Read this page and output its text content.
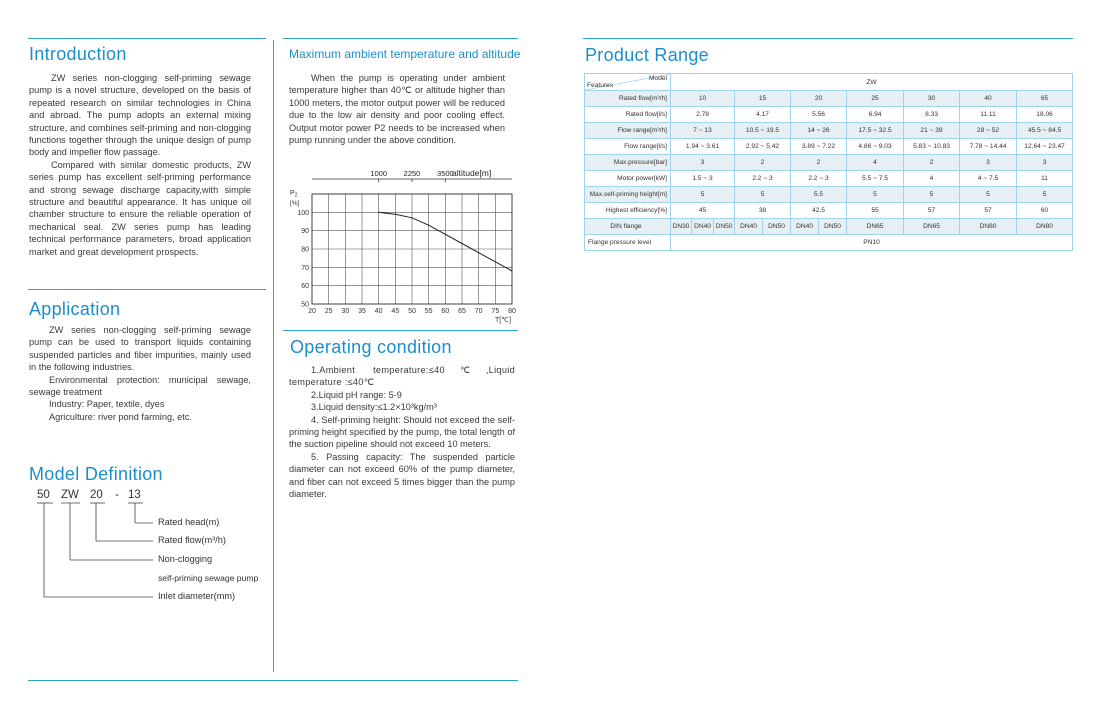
Introduction

ZW series non-clogging self-priming sewage pump is a novel structure, developed on the basis of repeated research on similar technologies in China and abroad. The pump adopts an external mixing structure, and combines self-priming and non-clogging functions together through the unique design of pump body and impeller flow passage.

Compared with similar domestic products, ZW series pump has excellent self-priming performance and strong sewage discharge capacity,with simple structure and beautiful appearance. It has unique oil chamber structure to ensure the reliable operation of mechanical seal. ZW series pump has leading technical performance parameters, broad application market and great development prospects.

Application

ZW series non-clogging self-priming sewage pump can be used to transport liquids containing suspended particles and fiber impurities, mainly used in the following industries.

Environmental protection: municipal sewage, sewage treatment

Industry: Paper, textile, dyes

Agriculture: river pond farming, etc.

Model Definition
50 ZW 20 - 13
Rated head(m)
Rated flow(m³/h)
Non-clogging
self-priming sewage pump
Inlet diameter(mm)
Maximum ambient temperature and altitude

When the pump is operating under ambient temperature higher than 40℃ or altitude higher than 1000 meters, the motor output power will be reduced due to the low air density and poor cooling effect. Output motor power P2 needs to be increased when pump running under the above condition.

altitude[m]
1000 2250 3500
$P_2$
[%]
50
60
70
80
90
100
20 25 30 35 40 45 50 55 60 65 70 75 80
T[℃]
Operating condition

1.Ambient temperature:≤40℃,Liquid temperature :≤40℃

2.Liquid pH range: 5-9

3.Liquid density:≤1.2×10³kg/m³

4. Self-priming height: Should not exceed the self-priming height specified by the pump, the total length of the suction pipeline should not exceed 10 meters.

5. Passing capacity: The suspended particle diameter can not exceed 60% of the pump diameter, and fiber can not exceed 5 times bigger than the pump diameter.

Product Range
Model
Features	ZW										
Rated flow[m³/h]	10			15		20		25	30	40	65
Rated flow[l/s]	2.78			4.17		5.56		6.94	8.33	11.11	18.06
Flow range[m³/h]	7 ~ 13			10.5 ~ 19.5		14 ~ 26		17.5 ~ 32.5	21 ~ 39	28 ~ 52	45.5 ~ 84.5
Flow range[l/s]	1.94 ~ 3.61			2.92 ~ 5.42		3.89 ~ 7.22		4.86 ~ 9.03	5.83 ~ 10.83	7.78 ~ 14.44	12.64 ~ 23.47
Max.pressure[bar]	3			2		2		4	2	3	3
Motor power[kW]	1.5 ~ 3			2.2 ~ 3		2.2 ~ 3		5.5 ~ 7.5	4	4 ~ 7.5	11
Max.self-priming height[m]	5			5		5.5		5	5	5	5
Highest efficiency[%]	45			38		42.5		55	57	57	60
DIN flange	DN30	DN40	DN50	DN40	DN50	DN40	DN50	DN65	DN65	DN80	DN80
Flange pressure level	PN10										
